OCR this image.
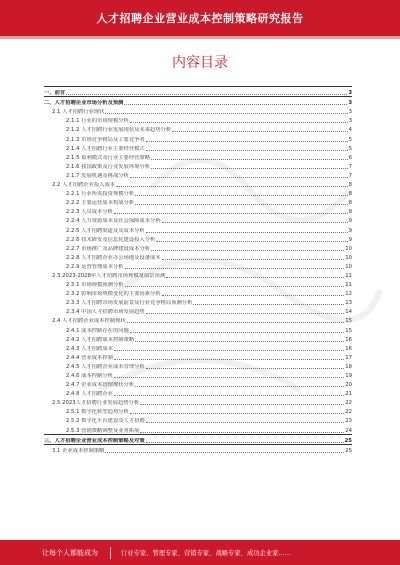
人才招聘企业营业成本控制策略研究报告
内容目录
一、前言	3
二、人才招聘企业市场分析及预测	3
2.1 人才招聘行业现状	3
2.1.1 行业的市场规模分析	3
2.1.2 人才招聘行业发展现状及未来趋势分析	4
2.1.3 市场竞争格局及主要竞争者	5
2.1.4 人才招聘行业主要经营模式	5
2.1.5 盈利模式及行业主要经营策略	6
2.1.6 我国政策及行业发展环境分析	7
2.1.7 发展机遇及挑战分析	7
2.2 人才招聘企业投入成本	8
2.2.1 行业所需投资规模分析	8
2.2.2 主要运营成本构成分析	8
2.2.3 人员成本分析	8
2.2.4 人力资源成本及社会保障成本分析	9
2.2.5 人才招聘渠道及其成本分析	9
2.2.6 技术研发及信息化建设投入分析	9
2.2.7 市场推广及品牌建设成本分析	10
2.2.8 人才招聘企业办公场地及设备成本	10
2.2.9 运营管理成本分析	10
2.3 2023-2028年人才招聘市场规模及前景预测	11
2.3.1 市场规模预测分析	11
2.3.2 影响市场规模变化的主要因素分析	12
2.3.3 人才招聘市场发展前景及行业竞争格局预测分析	13
2.3.4 中国人才招聘市场发展趋势	14
2.4 人才招聘企业成本控制现状	15
2.4.1 成本控制存在的问题	15
2.4.2 人才招聘成本控制策略	16
2.4.3 人才招聘成本	16
2.4.4 营业成本控制	17
2.4.5 人才招聘企业成本管理分析	18
2.4.6 成本控制分析	19
2.4.7 企业成本管理现状分析	20
2.4.8 人才招聘企业	21
2.5 2023人才招聘行业发展趋势分析	22
2.5.1 数字化转型趋势分析	22
2.5.2 数字化平台建设及人才招聘	23
2.5.3 营销策略调整及业务拓展	24
三、人才招聘企业营业成本控制策略及对策	25
3.1 企业成本控制策略	25
让每个人都能成为	行业专家、管理专家、营销专家、战略专家、成功企业家……
